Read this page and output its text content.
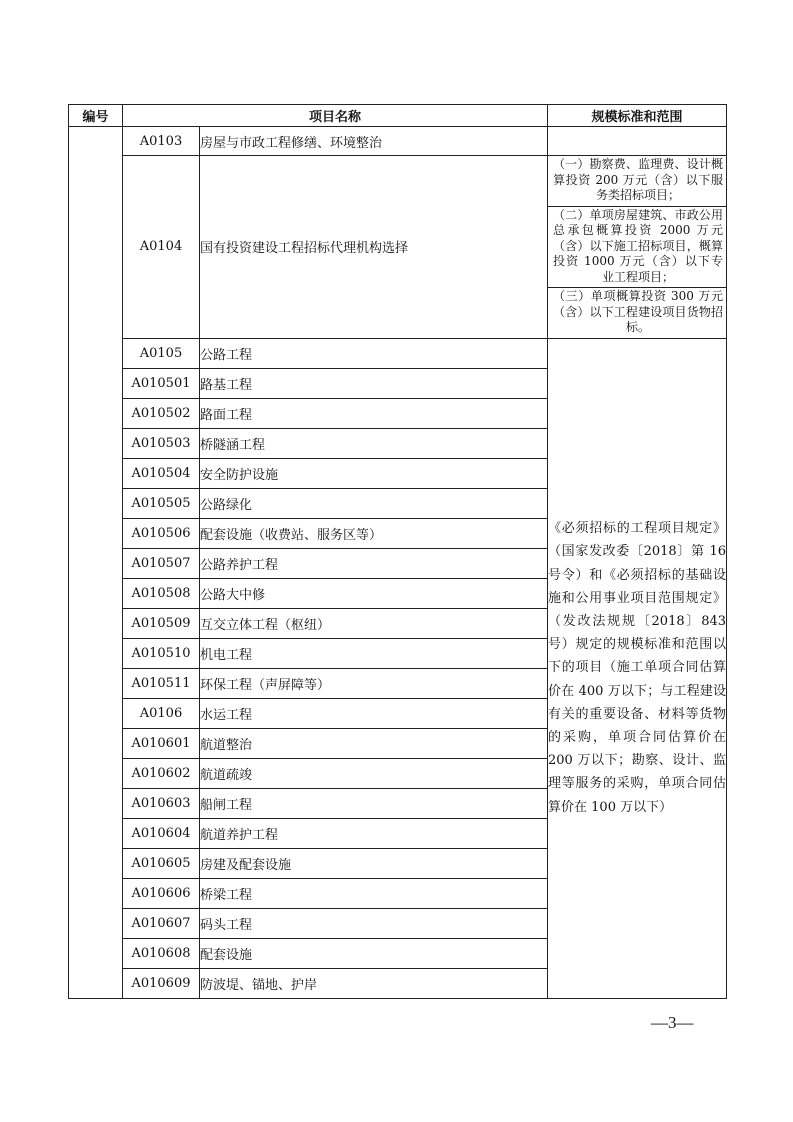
编号	项目名称		规模标准和范围
	A0103	房屋与市政工程修缮、环境整治	
	A0104	国有投资建设工程招标代理机构选择	（一）勘察费、监理费、设计概算投资 200 万元（含）以下服务类招标项目；
（二）单项房屋建筑、市政公用总承包概算投资 2000 万元（含）以下施工招标项目，概算投资 1000 万元（含）以下专业工程项目；
（三）单项概算投资 300 万元（含）以下工程建设项目货物招标。

	A0105	公路工程	《必须招标的工程项目规定》（国家发改委〔2018〕第 16 号令）和《必须招标的基础设施和公用事业项目范围规定》（发改法规规〔2018〕843 号）规定的规模标准和范围以下的项目（施工单项合同估算价在 400 万以下；与工程建设有关的重要设备、材料等货物的采购，单项合同估算价在 200 万以下；勘察、设计、监理等服务的采购，单项合同估算价在 100 万以下）
	A010501	路基工程	
	A010502	路面工程	
	A010503	桥隧涵工程	
	A010504	安全防护设施	
	A010505	公路绿化	
	A010506	配套设施（收费站、服务区等）	
	A010507	公路养护工程	
	A010508	公路大中修	
	A010509	互交立体工程（枢纽）	
	A010510	机电工程	
	A010511	环保工程（声屏障等）	
	A0106	水运工程	
	A010601	航道整治	
	A010602	航道疏竣	
	A010603	船闸工程	
	A010604	航道养护工程	
	A010605	房建及配套设施	
	A010606	桥梁工程	
	A010607	码头工程	
	A010608	配套设施	
	A010609	防波堤、锚地、护岸	
—3—
